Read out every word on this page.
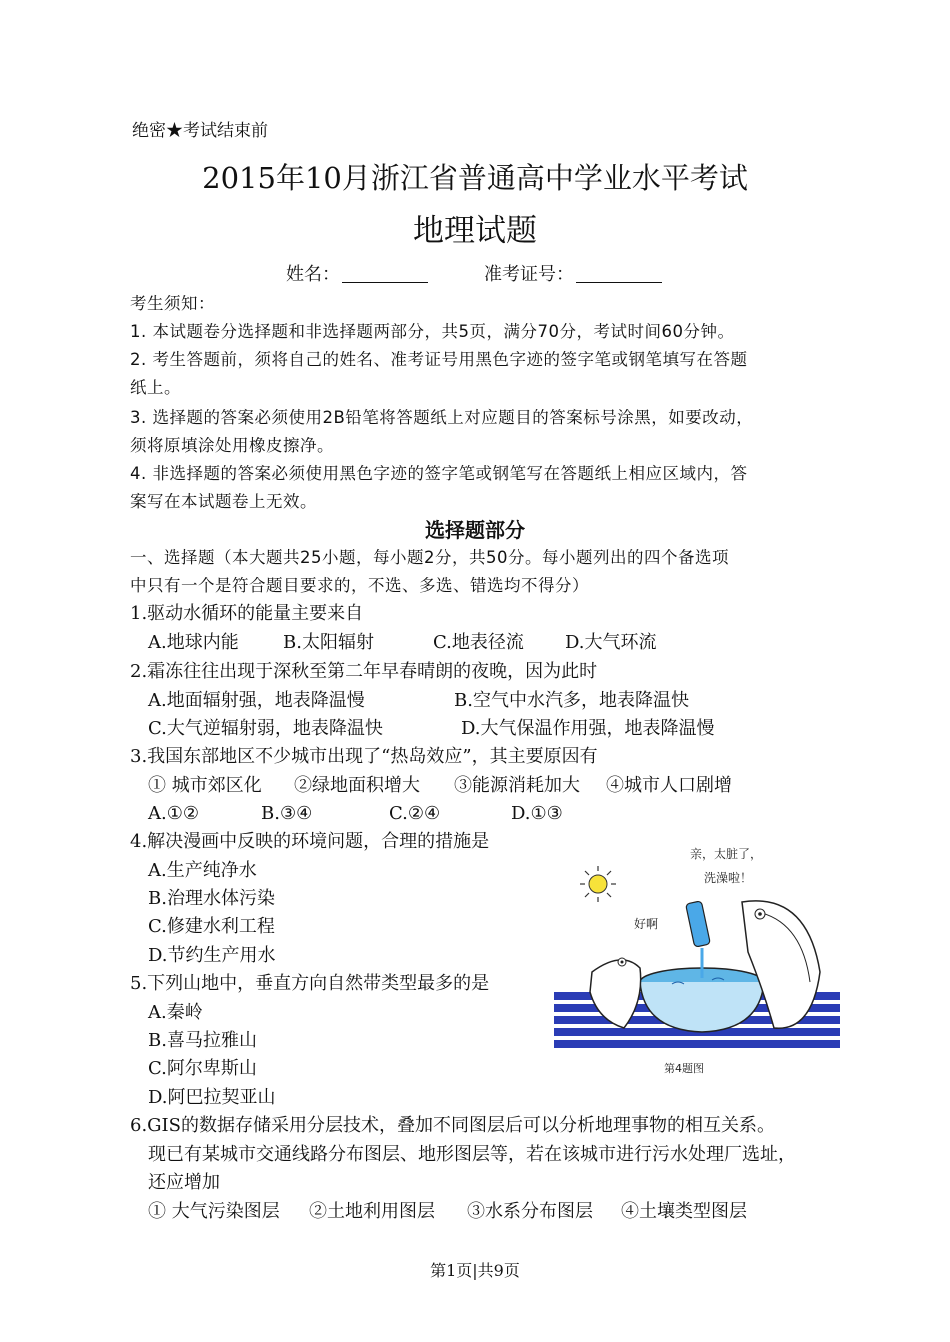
绝密★考试结束前
2015年10月浙江省普通高中学业水平考试
地理试题
姓名：	准考证号：
考生须知：
1. 本试题卷分选择题和非选择题两部分，共5页，满分70分，考试时间60分钟。
2. 考生答题前，须将自己的姓名、准考证号用黑色字迹的签字笔或钢笔填写在答题
纸上。
3. 选择题的答案必须使用2B铅笔将答题纸上对应题目的答案标号涂黑，如要改动，
须将原填涂处用橡皮擦净。
4. 非选择题的答案必须使用黑色字迹的签字笔或钢笔写在答题纸上相应区域内，答
案写在本试题卷上无效。
选择题部分
一、选择题（本大题共25小题，每小题2分，共50分。每小题列出的四个备选项
中只有一个是符合题目要求的，不选、多选、错选均不得分）
1.驱动水循环的能量主要来自
A.地球内能 B.太阳辐射	C.地表径流 D.大气环流
2.霜冻往往出现于深秋至第二年早春晴朗的夜晚，因为此时
A.地面辐射强，地表降温慢	B.空气中水汽多，地表降温快
C.大气逆辐射弱，地表降温快	D.大气保温作用强，地表降温慢
3.我国东部地区不少城市出现了“热岛效应”，其主要原因有
① 城市郊区化 ②绿地面积增大 ③能源消耗加大 ④城市人口剧增
A.①②	B.③④	C.②④	D.①③
4.解决漫画中反映的环境问题，合理的措施是
A.生产纯净水
B.治理水体污染
C.修建水利工程
D.节约生产用水
5.下列山地中，垂直方向自然带类型最多的是
A.秦岭
B.喜马拉雅山
C.阿尔卑斯山
D.阿巴拉契亚山
6.GIS的数据存储采用分层技术，叠加不同图层后可以分析地理事物的相互关系。
现已有某城市交通线路分布图层、地形图层等，若在该城市进行污水处理厂选址，
还应增加
① 大气污染图层 ②土地利用图层 ③水系分布图层 ④土壤类型图层
亲，太脏了，
洗澡啦！
好啊
第4题图
第1页|共9页
